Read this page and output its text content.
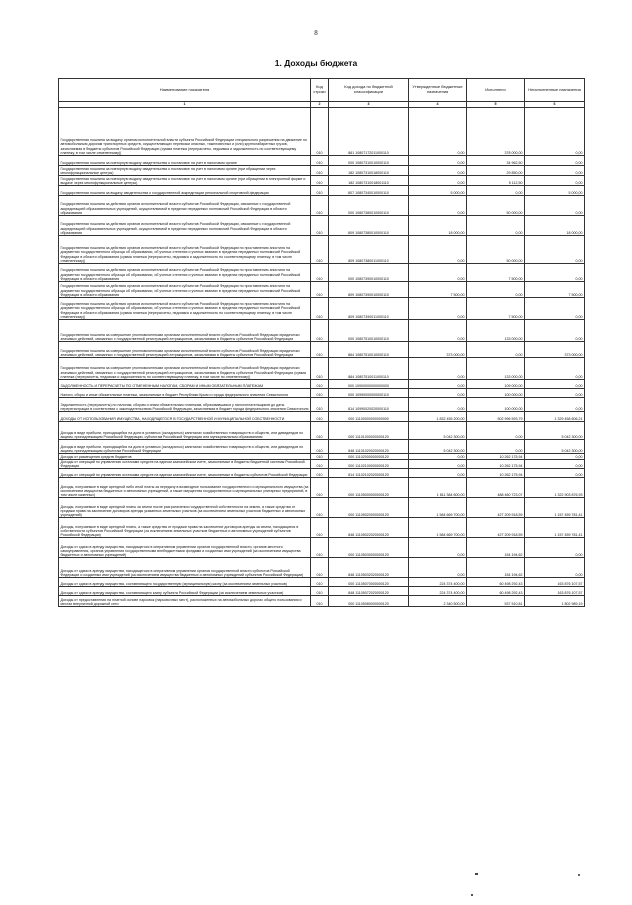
8
1. Доходы бюджета
Наименование показателя	Код строки	Код дохода по бюджетной классификации	Утвержденные бюджетные назначения	Исполнено	Неисполненные назначения
1	2	3	4	5	6
Государственная пошлина за выдачу органом исполнительной власти субъекта Российской Федерации специального разрешения на движение по автомобильным дорогам транспортных средств, осуществляющих перевозки опасных, тяжеловесных и (или) крупногабаритных грузов, зачисляемая в бюджеты субъектов Российской Федерации (сумма платежа (перерасчеты, недоимка и задолженность по соответствующему платежу, в том числе отмененному))	010	861 10807172011000110	0,00	378 000,00	0,00
Государственная пошлина за повторную выдачу свидетельства о постановке на учет в налоговом органе	010	000 10807310010000110	0,00	34 962,50	0,00
Государственная пошлина за повторную выдачу свидетельства о постановке на учет в налоговом органе (при обращении через многофункциональные центры)	010	182 10807310018000110	0,00	29 850,00	0,00
Государственная пошлина за повторную выдачу свидетельства о постановке на учет в налоговом органе (при обращении в электронной форме и выдаче через многофункциональные центры)	010	182 10807310018001110	0,00	5 112,50	0,00
Государственная пошлина за выдачу свидетельства о государственной аккредитации региональной спортивной федерации	010	807 10807340010000110	5 000,00	0,00	5 000,00
Государственная пошлина за действия органов исполнительной власти субъектов Российской Федерации, связанные с государственной аккредитацией образовательных учреждений, осуществляемой в пределах переданных полномочий Российской Федерации в области образования	010	000 10807380010000110	0,00	50 000,00	0,00
Государственная пошлина за действия органов исполнительной власти субъектов Российской Федерации, связанные с государственной аккредитацией образовательных учреждений, осуществляемой в пределах переданных полномочий Российской Федерации в области образования	010	809 10807380010000110	18 000,00	0,00	18 000,00
Государственная пошлина за действия органов исполнительной власти субъектов Российской Федерации по проставлению апостиля на документах государственного образца об образовании, об ученых степенях и ученых званиях в пределах переданных полномочий Российской Федерации в области образования (сумма платежа (перерасчеты, недоимка и задолженность по соответствующему платежу, в том числе отмененному))	010	809 10807380011000110	0,00	50 000,00	0,00
Государственная пошлина за действия органов исполнительной власти субъектов Российской Федерации по проставлению апостиля на документах государственного образца об образовании, об ученых степенях и ученых званиях в пределах переданных полномочий Российской Федерации в области образования	010	000 10807390010000110	0,00	7 500,00	0,00
Государственная пошлина за действия органов исполнительной власти субъектов Российской Федерации по проставлению апостиля на документах государственного образца об образовании, об ученых степенях и ученых званиях в пределах переданных полномочий Российской Федерации в области образования	010	809 10807390010000110	7 500,00	0,00	7 500,00
Государственная пошлина за действия органов исполнительной власти субъектов Российской Федерации по проставлению апостиля на документах государственного образца об образовании, об ученых степенях и ученых званиях в пределах переданных полномочий Российской Федерации в области образования (сумма платежа (перерасчеты, недоимка и задолженность по соответствующему платежу, в том числе отмененному))	010	809 10807390011000110	0,00	7 500,00	0,00
Государственная пошлина за совершение уполномоченными органами исполнительной власти субъектов Российской Федерации юридически значимых действий, связанных с государственной регистрацией аттракционов, зачисляемая в бюджеты субъектов Российской Федерации	010	000 10807510010000110	0,00	133 000,00	0,00
Государственная пошлина за совершение уполномоченными органами исполнительной власти субъектов Российской Федерации юридически значимых действий, связанных с государственной регистрацией аттракционов, зачисляемая в бюджеты субъектов Российской Федерации	010	864 10807510010000110	373 000,00	0,00	373 000,00
Государственная пошлина за совершение уполномоченными органами исполнительной власти субъектов Российской Федерации юридически значимых действий, связанных с государственной регистрацией аттракционов, зачисляемая в бюджеты субъектов Российской Федерации (сумма платежа (перерасчеты, недоимка и задолженность по соответствующему платежу, в том числе по отмененному))	010	864 10807510011000110	0,00	133 000,00	0,00
ЗАДОЛЖЕННОСТЬ И ПЕРЕРАСЧЕТЫ ПО ОТМЕНЕННЫМ НАЛОГАМ, СБОРАМ И ИНЫМ ОБЯЗАТЕЛЬНЫМ ПЛАТЕЖАМ	010	000 10900000000000000	0,00	109 000,00	0,00
Налоги, сборы и иные обязательные платежи, зачисляемые в бюджет Республики Крым и города федерального значения Севастополя	010	000 10990000000000110	0,00	100 000,00	0,00
Задолженность (перерасчеты) по налогам, сборам и иным обязательным платежам, образовавшаяся у налогоплательщиков до даты перерегистрации в соответствии с законодательством Российской Федерации, зачисляемая в бюджет города федерального значения Севастополя	010	814 10990020020000110	0,00	100 000,00	0,00
ДОХОДЫ ОТ ИСПОЛЬЗОВАНИЯ ИМУЩЕСТВА, НАХОДЯЩЕГОСЯ В ГОСУДАРСТВЕННОЙ И МУНИЦИПАЛЬНОЙ СОБСТВЕННОСТИ	010	000 11100000000000000	1 832 455 200,00	502 996 593,79	1 329 458 606,21
Доходы в виде прибыли, приходящейся на доли в уставных (складочных) капиталах хозяйственных товариществ и обществ, или дивидендов по акциям, принадлежащим Российской Федерации, субъектам Российской Федерации или муниципальным образованиям	010	000 11101000000000120	5 042 300,00	0,00	5 042 300,00
Доходы в виде прибыли, приходящейся на доли в уставных (складочных) капиталах хозяйственных товариществ и обществ, или дивидендов по акциям, принадлежащим субъектам Российской Федерации	010	848 11101020020000120	5 042 300,00	0,00	5 042 300,00
Доходы от размещения средств бюджетов	010	000 11102000000000120	0,00	10 262 175,94	0,00
Доходы от операций по управлению остатками средств на едином казначейском счете, зачисляемые в бюджеты бюджетной системы Российской Федерации	010	000 11102100000000120	0,00	10 262 175,94	0,00
Доходы от операций по управлению остатками средств на едином казначейском счете, зачисляемые в бюджеты субъектов Российской Федерации	010	814 11102102020000120	0,00	10 262 175,94	0,00
Доходы, получаемые в виде арендной либо иной платы за передачу в возмездное пользование государственного и муниципального имущества (за исключением имущества бюджетных и автономных учреждений, а также имущества государственных и муниципальных унитарных предприятий, в том числе казенных)	010	000 11105000000000120	1 811 384 600,00	488 460 723,07	1 322 903 876,93
Доходы, получаемые в виде арендной платы за земли после разграничения государственной собственности на землю, а также средства от продажи права на заключение договоров аренды указанных земельных участков (за исключением земельных участков бюджетных и автономных учреждений)	010	000 11105020000000120	1 584 669 700,00	427 209 918,59	1 157 459 781,41
Доходы, получаемые в виде арендной платы, а также средства от продажи права на заключение договоров аренды за земли, находящиеся в собственности субъектов Российской Федерации (за исключением земельных участков бюджетных и автономных учреждений субъектов Российской Федерации)	010	848 11105022020000120	1 584 669 700,00	427 209 918,59	1 157 459 781,41
Доходы от сдачи в аренду имущества, находящегося в оперативном управлении органов государственной власти, органов местного самоуправления, органов управления государственными внебюджетными фондами и созданных ими учреждений (за исключением имущества бюджетных и автономных учреждений)	010	000 11105030000000120	0,00	154 194,62	0,00
Доходы от сдачи в аренду имущества, находящегося в оперативном управлении органов государственной власти субъектов Российской Федерации и созданных ими учреждений (за исключением имущества бюджетных и автономных учреждений субъектов Российской Федерации)	010	848 11105032020000120	0,00	154 194,62	0,00
Доходы от сдачи в аренду имущества, составляющего государственную (муниципальную) казну (за исключением земельных участков)	010	000 11105070000000120	224 374 400,00	60 498 292,43	163 876 107,57
Доходы от сдачи в аренду имущества, составляющего казну субъекта Российской Федерации (за исключением земельных участков)	010	848 11105072020000120	224 374 400,00	60 498 292,43	163 876 107,57
Доходы от предоставления на платной основе парковок (парковочных мест), расположенных на автомобильных дорогах общего пользования и местах внеуличной дорожной сети	010	000 11105080000000120	2 340 500,00	537 510,81	1 802 989,19
